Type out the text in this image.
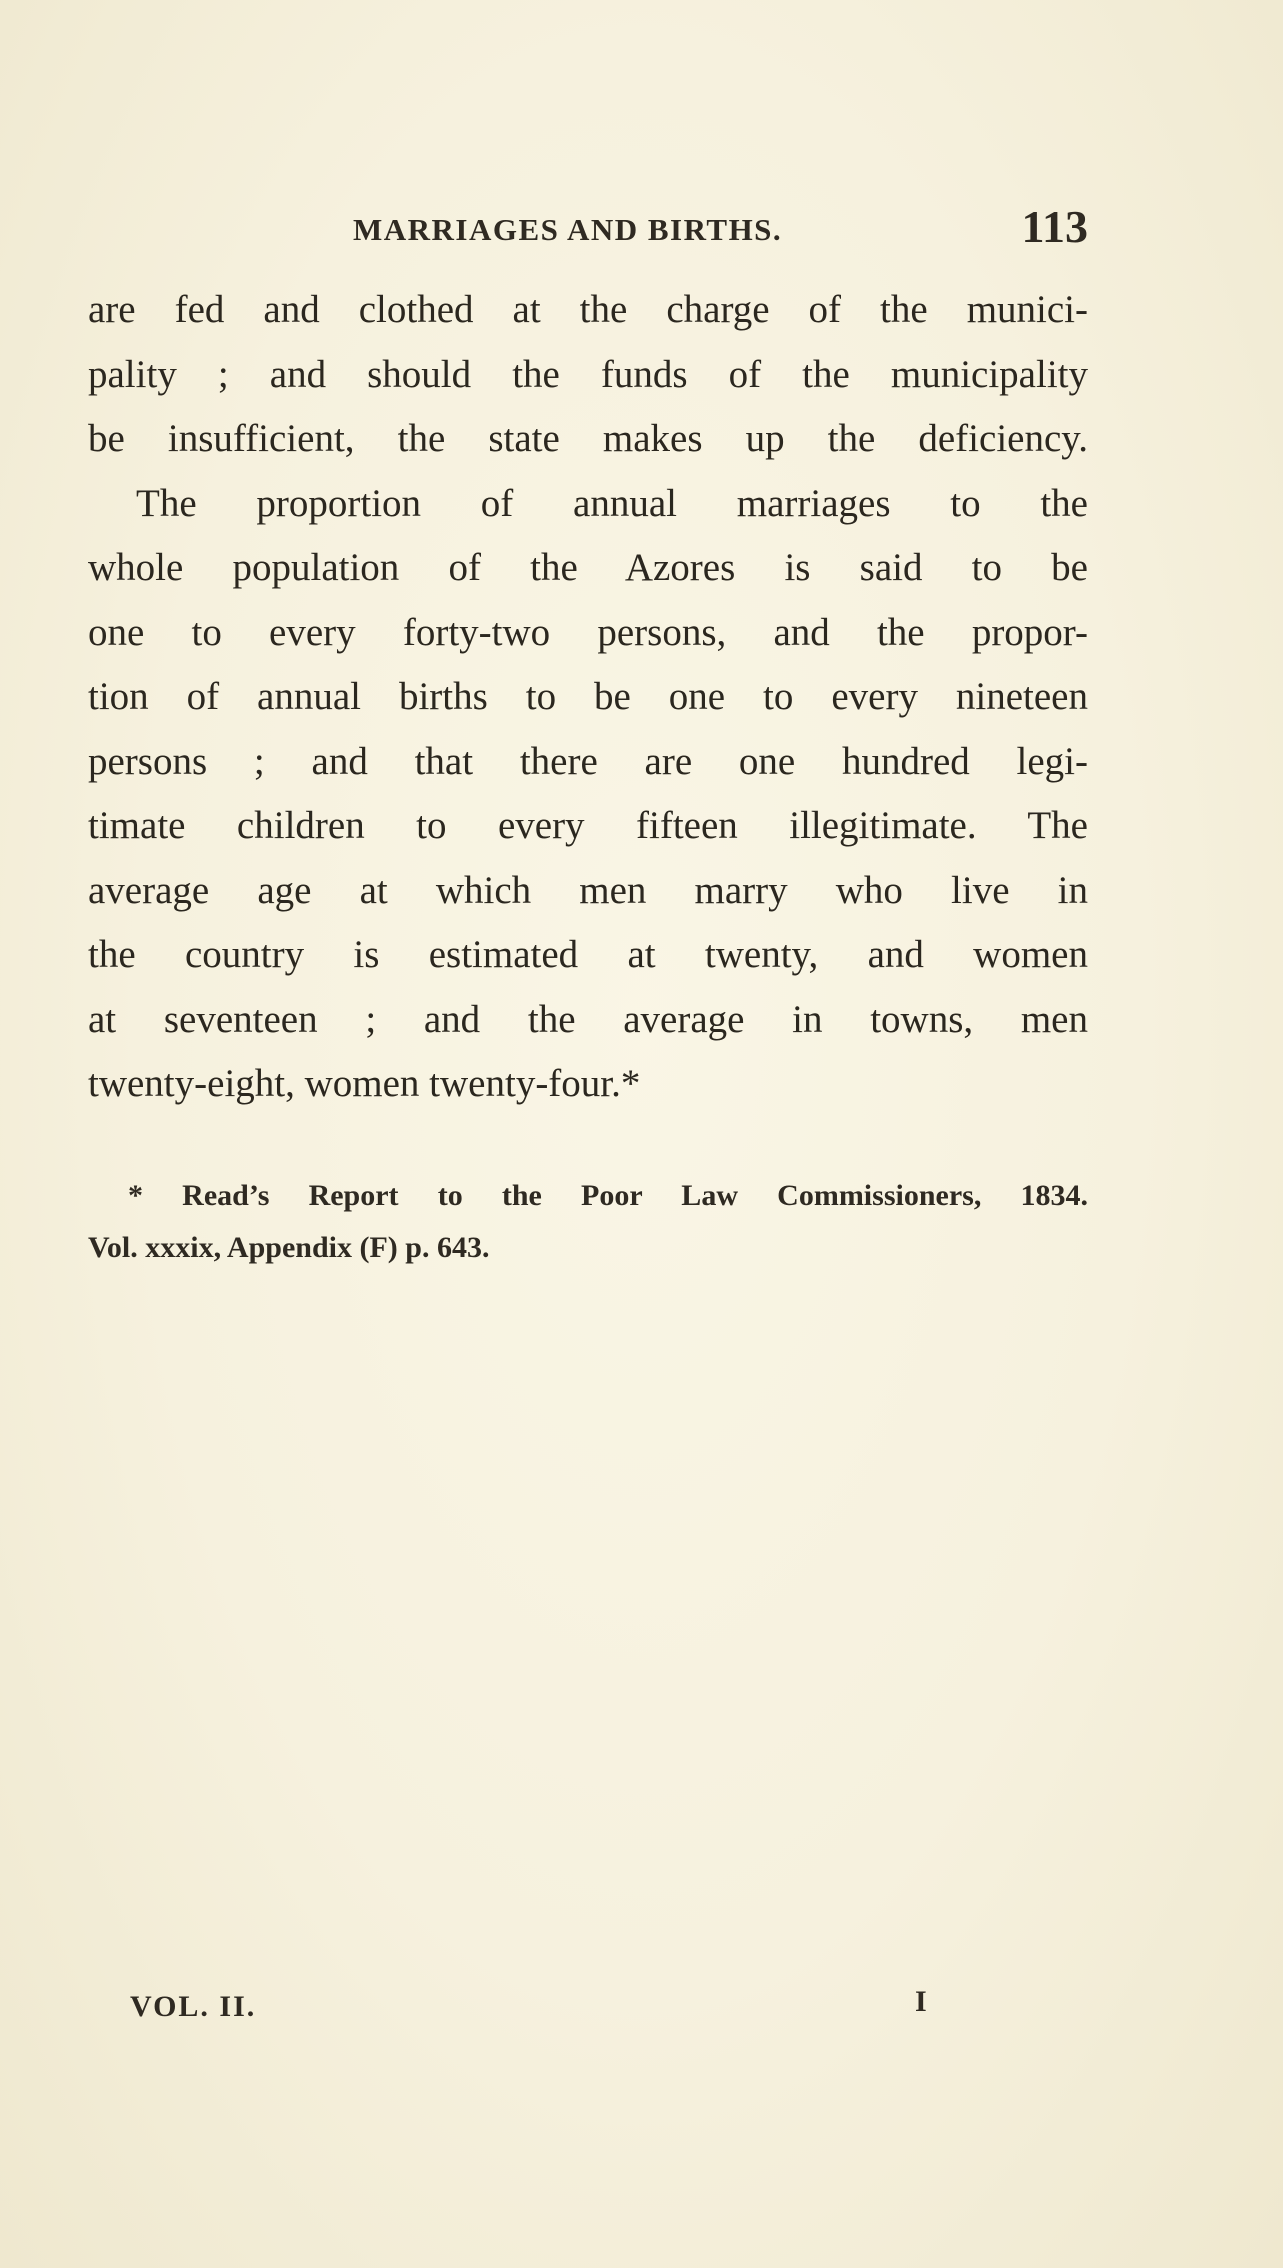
MARRIAGES AND BIRTHS.	113
are fed and clothed at the charge of the munici-
pality ; and should the funds of the municipality
be insufficient, the state makes up the deficiency.
The proportion of annual marriages to the
whole population of the Azores is said to be
one to every forty-two persons, and the propor-
tion of annual births to be one to every nineteen
persons ; and that there are one hundred legi-
timate children to every fifteen illegitimate. The
average age at which men marry who live in
the country is estimated at twenty, and women
at seventeen ; and the average in towns, men
twenty-eight, women twenty-four.*
* Read’s Report to the Poor Law Commissioners, 1834.
Vol. xxxix, Appendix (F) p. 643.
VOL. II.	I
